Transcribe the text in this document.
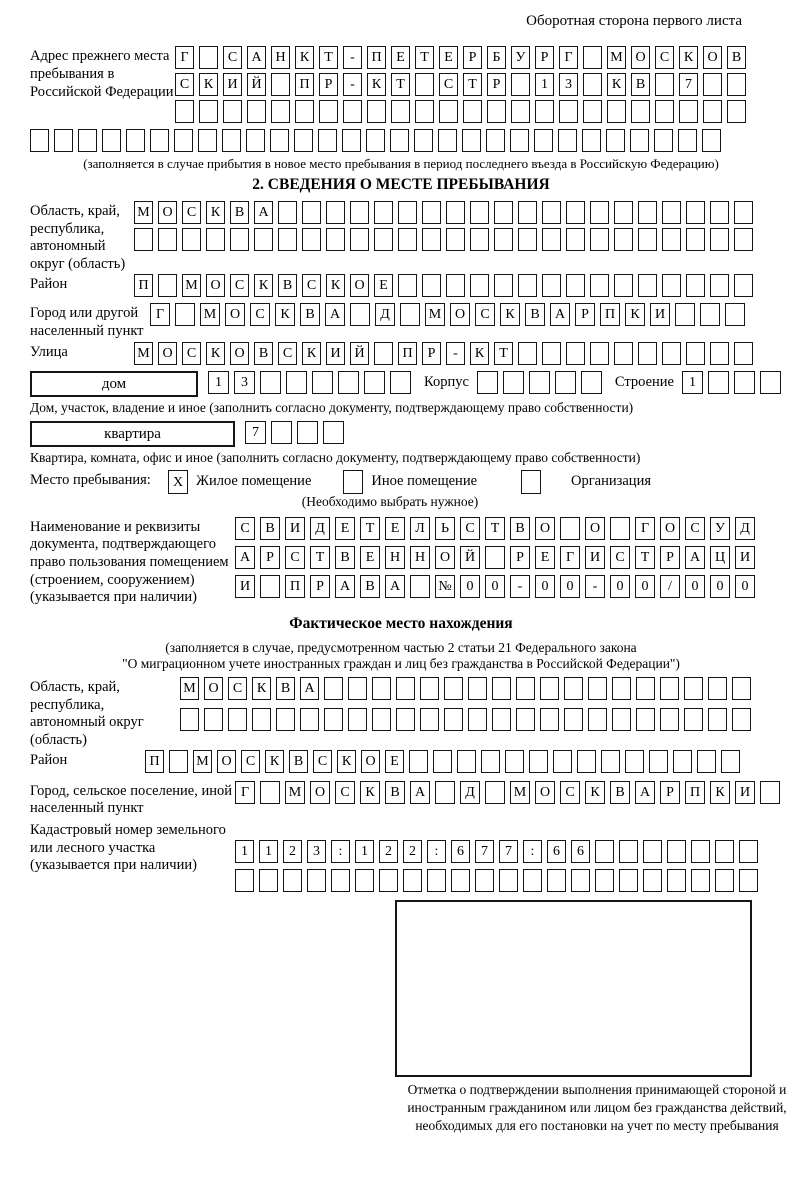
Оборотная сторона первого листа
Адрес прежнего места пребывания в Российской Федерации
Г	С	А Н	К	Т	-	П	Е	Т	Е	Р	Б	У	Р	Г	М О	С	К	О	В
С	К	И Й	П	Р	-	К	Т	С	Т	Р	1	3	К	В	7
(заполняется в случае прибытия в новое место пребывания в период последнего въезда в Российскую Федерацию)
2. СВЕДЕНИЯ О МЕСТЕ ПРЕБЫВАНИЯ
Область, край, республика, автономный округ (область)
М О	С	К	В	А
Район	П	М О	С	К	В	С	К	О	Е
Город или другой населенный пункт
Г	М О	С	К	В	А	Д	М О	С	К	В	А	Р	П	К	И
Улица	М О	С	К	О	В	С	К	И Й	П	Р	-	К	Т
дом	1	3	Корпус	Строение	1
Дом, участок, владение и иное (заполнить согласно документу, подтверждающему право собственности)
квартира	7
Квартира, комната, офис и иное (заполнить согласно документу, подтверждающему право собственности)
Место пребывания:	X Жилое помещение	Иное помещение	Организация
(Необходимо выбрать нужное)
Наименование и реквизиты документа, подтверждающего право пользования помещением (строением, сооружением) (указывается при наличии)
С	В	И	Д	Е	Т	Е	Л	Ь	С	Т	В	О	О	Г	О	С	У	Д
А	Р	С	Т	В	Е	Н	Н	О	Й	Р	Е	Г	И	С	Т	Р	А	Ц	И
И	П	Р	А	В	А	№	0	0	-	0	0	-	0	0	/	0	0	0
Фактическое место нахождения
(заполняется в случае, предусмотренном частью 2 статьи 21 Федерального закона
"О миграционном учете иностранных граждан и лиц без гражданства в Российской Федерации")
Область, край, республика, автономный округ (область)
М О	С	К	В	А
Район	П	М О	С	К	В	С	К	О	Е
Город, сельское поселение, иной населенный пункт
Г	М О	С	К	В	А	Д	М О	С	К	В	А	Р	П	К	И
Кадастровый номер земельного или лесного участка (указывается при наличии)
1	1	2	3	:	1	2	2	:	6	7	7	:	6	6
Отметка о подтверждении выполнения принимающей стороной и иностранным гражданином или лицом без гражданства действий, необходимых для его постановки на учет по месту пребывания
